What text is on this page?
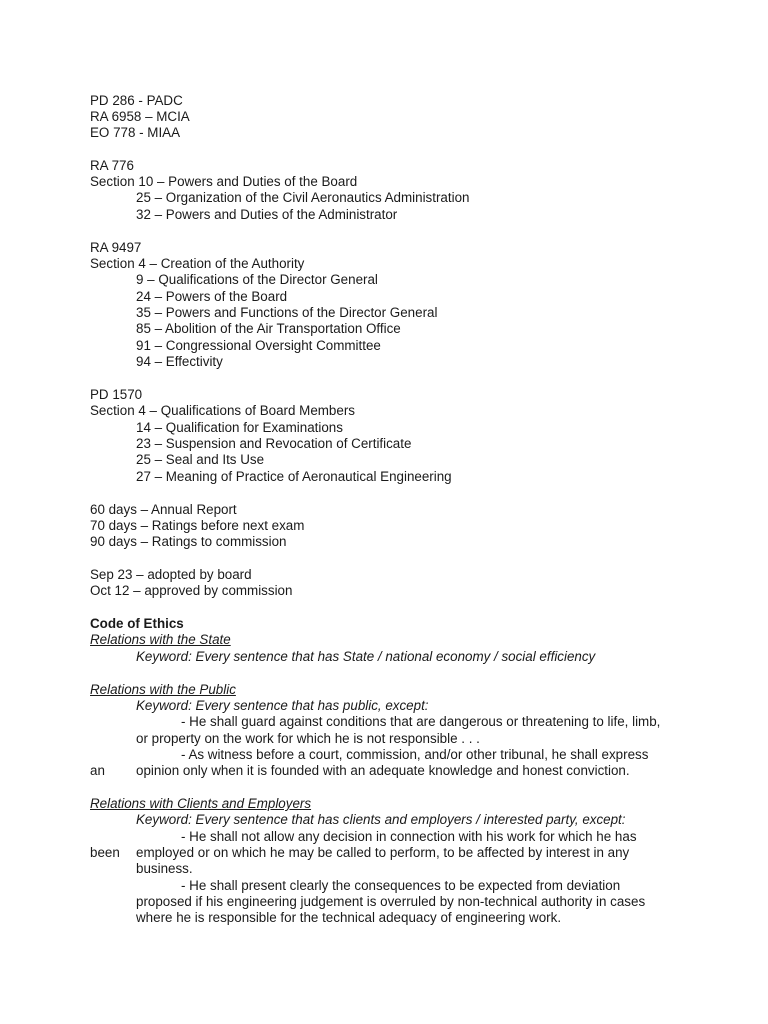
PD 286 - PADC
RA 6958 – MCIA
EO 778 - MIAA
RA 776
Section 10 – Powers and Duties of the Board
25 – Organization of the Civil Aeronautics Administration
32 – Powers and Duties of the Administrator
RA 9497
Section 4 – Creation of the Authority
9 – Qualifications of the Director General
24 – Powers of the Board
35 – Powers and Functions of the Director General
85 – Abolition of the Air Transportation Office
91 – Congressional Oversight Committee
94 – Effectivity
PD 1570
Section 4 – Qualifications of Board Members
14 – Qualification for Examinations
23 – Suspension and Revocation of Certificate
25 – Seal and Its Use
27 – Meaning of Practice of Aeronautical Engineering
60 days – Annual Report
70 days – Ratings before next exam
90 days – Ratings to commission
Sep 23 – adopted by board
Oct 12 – approved by commission
Code of Ethics
Relations with the State
Keyword: Every sentence that has State / national economy / social efficiency
Relations with the Public
Keyword: Every sentence that has public, except:
- He shall guard against conditions that are dangerous or threatening to life, limb,
or property on the work for which he is not responsible . . .
- As witness before a court, commission, and/or other tribunal, he shall express
an opinion only when it is founded with an adequate knowledge and honest conviction.
Relations with Clients and Employers
Keyword: Every sentence that has clients and employers / interested party, except:
- He shall not allow any decision in connection with his work for which he has
been employed or on which he may be called to perform, to be affected by interest in any
business.
- He shall present clearly the consequences to be expected from deviation
proposed if his engineering judgement is overruled by non-technical authority in cases
where he is responsible for the technical adequacy of engineering work.
